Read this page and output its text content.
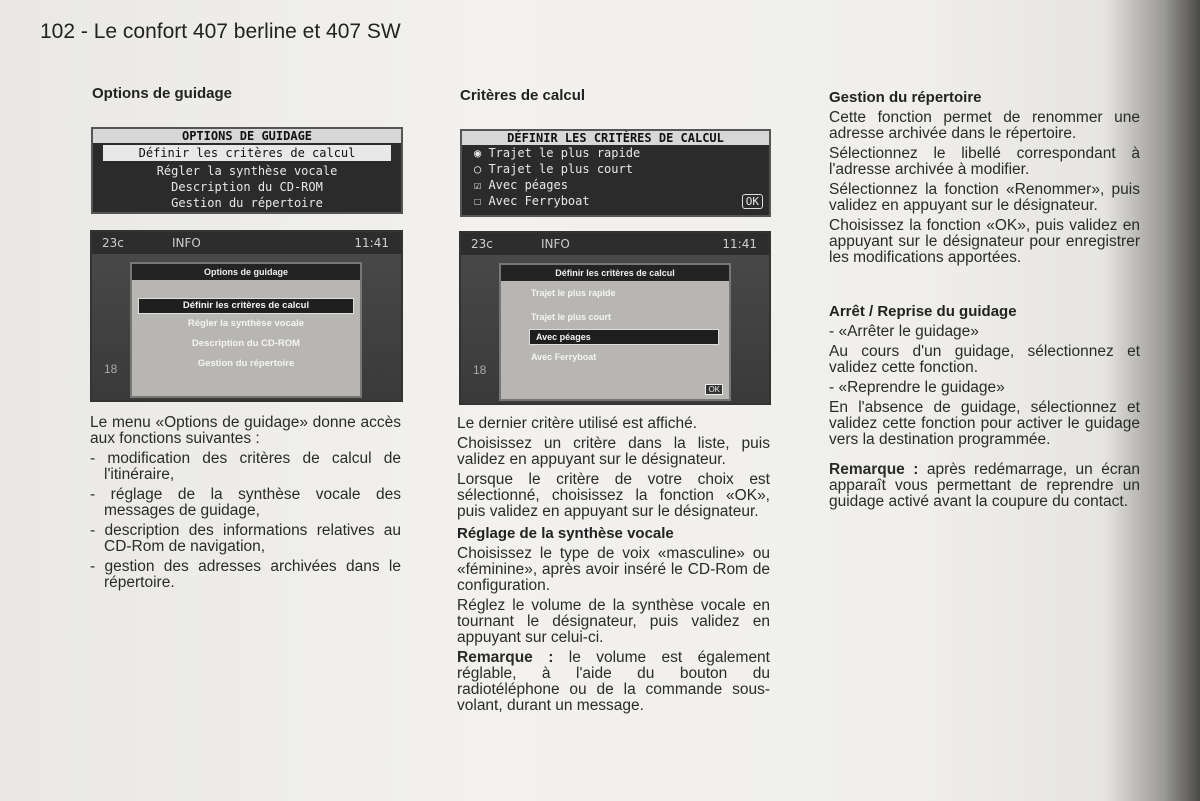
102 - Le confort 407 berline et 407 SW
Options de guidage
OPTIONS DE GUIDAGE
Définir les critères de calcul
Régler la synthèse vocale
Description du CD-ROM
Gestion du répertoire
23c	INFO	11:41
18
Options de guidage
Définir les critères de calcul
Régler la synthèse vocale
Description du CD-ROM
Gestion du répertoire

Le menu «Options de guidage» donne accès aux fonctions suivantes :

- modification des critères de calcul de l'itinéraire,

- réglage de la synthèse vocale des messages de guidage,

- description des informations relatives au CD-Rom de navigation,

- gestion des adresses archivées dans le répertoire.

Critères de calcul
DÉFINIR LES CRITÈRES DE CALCUL
◉ Trajet le plus rapide
○ Trajet le plus court
☑ Avec péages
☐ Avec Ferryboat	OK
23c	INFO	11:41
18
Définir les critères de calcul
Trajet le plus rapide
Trajet le plus court
Avec péages
Avec Ferryboat
OK

Le dernier critère utilisé est affiché.

Choisissez un critère dans la liste, puis validez en appuyant sur le désignateur.

Lorsque le critère de votre choix est sélectionné, choisissez la fonction «OK», puis validez en appuyant sur le désignateur.

Réglage de la synthèse vocale

Choisissez le type de voix «masculine» ou «féminine», après avoir inséré le CD-Rom de configuration.

Réglez le volume de la synthèse vocale en tournant le désignateur, puis validez en appuyant sur celui-ci.

Remarque : le volume est également réglable, à l'aide du bouton du radiotéléphone ou de la commande sous-volant, durant un message.

Gestion du répertoire

Cette fonction permet de renommer une adresse archivée dans le répertoire.

Sélectionnez le libellé correspondant à l'adresse archivée à modifier.

Sélectionnez la fonction «Renommer», puis validez en appuyant sur le désignateur.

Choisissez la fonction «OK», puis validez en appuyant sur le désignateur pour enregistrer les modifications apportées.

Arrêt / Reprise du guidage

- «Arrêter le guidage»

Au cours d'un guidage, sélectionnez et validez cette fonction.

- «Reprendre le guidage»

En l'absence de guidage, sélectionnez et validez cette fonction pour activer le guidage vers la destination programmée.

Remarque : après redémarrage, un écran apparaît vous permettant de reprendre un guidage activé avant la coupure du contact.
